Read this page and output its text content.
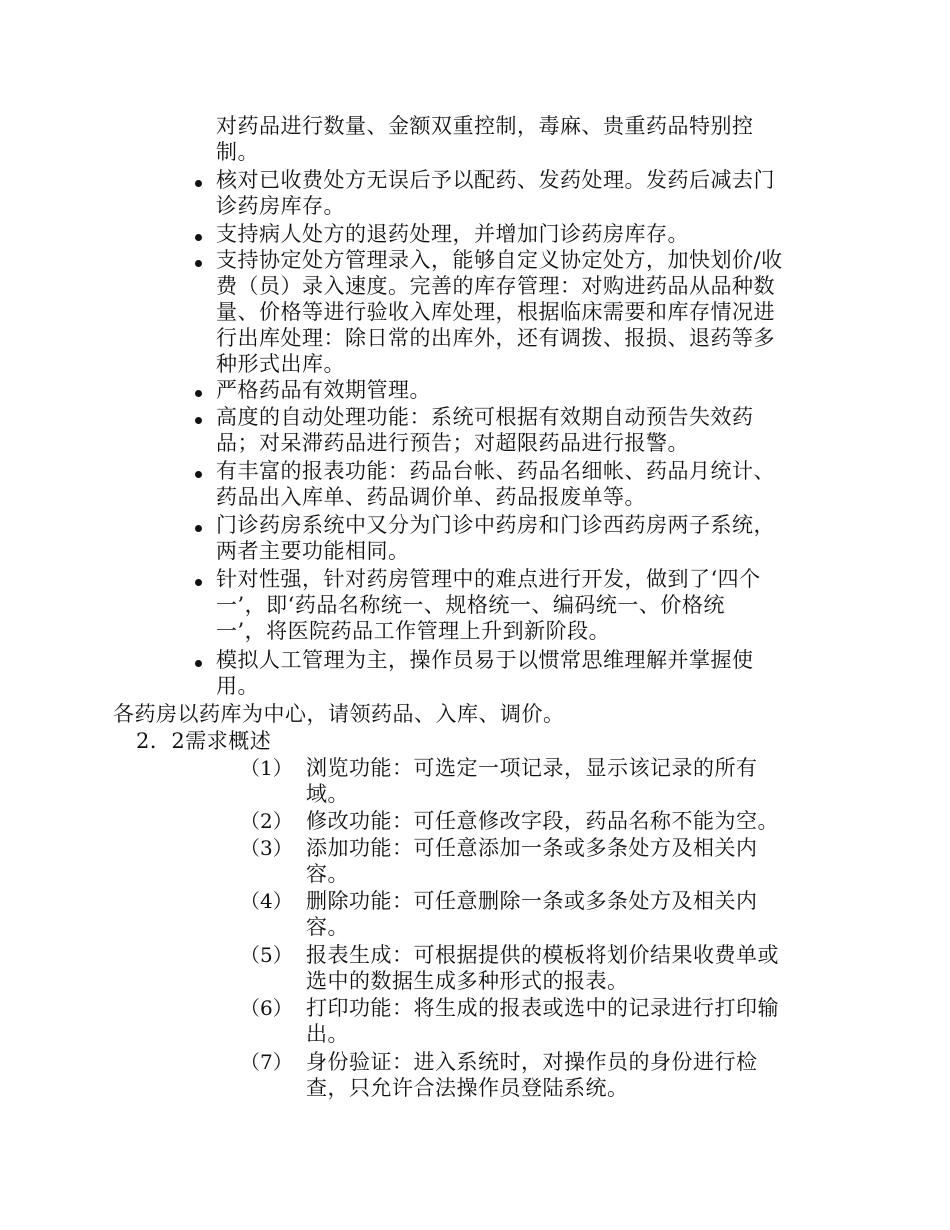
对药品进行数量、金额双重控制，毒麻、贵重药品特别控
制。
核对已收费处方无误后予以配药、发药处理。发药后减去门
诊药房库存。
支持病人处方的退药处理，并增加门诊药房库存。
支持协定处方管理录入，能够自定义协定处方，加快划价/收
费（员）录入速度。完善的库存管理：对购进药品从品种数
量、价格等进行验收入库处理，根据临床需要和库存情况进
行出库处理：除日常的出库外，还有调拨、报损、退药等多
种形式出库。
严格药品有效期管理。
高度的自动处理功能：系统可根据有效期自动预告失效药
品；对呆滞药品进行预告；对超限药品进行报警。
有丰富的报表功能：药品台帐、药品名细帐、药品月统计、
药品出入库单、药品调价单、药品报废单等。
门诊药房系统中又分为门诊中药房和门诊西药房两子系统，
两者主要功能相同。
针对性强，针对药房管理中的难点进行开发，做到了‘四个
一’，即‘药品名称统一、规格统一、编码统一、价格统
一’，将医院药品工作管理上升到新阶段。
模拟人工管理为主，操作员易于以惯常思维理解并掌握使
用。
各药房以药库为中心，请领药品、入库、调价。
2．2需求概述
（1） 浏览功能：可选定一项记录，显示该记录的所有
域。
（2） 修改功能：可任意修改字段，药品名称不能为空。
（3） 添加功能：可任意添加一条或多条处方及相关内
容。
（4） 删除功能：可任意删除一条或多条处方及相关内
容。
（5） 报表生成：可根据提供的模板将划价结果收费单或
选中的数据生成多种形式的报表。
（6） 打印功能：将生成的报表或选中的记录进行打印输
出。
（7） 身份验证：进入系统时，对操作员的身份进行检
查，只允许合法操作员登陆系统。
